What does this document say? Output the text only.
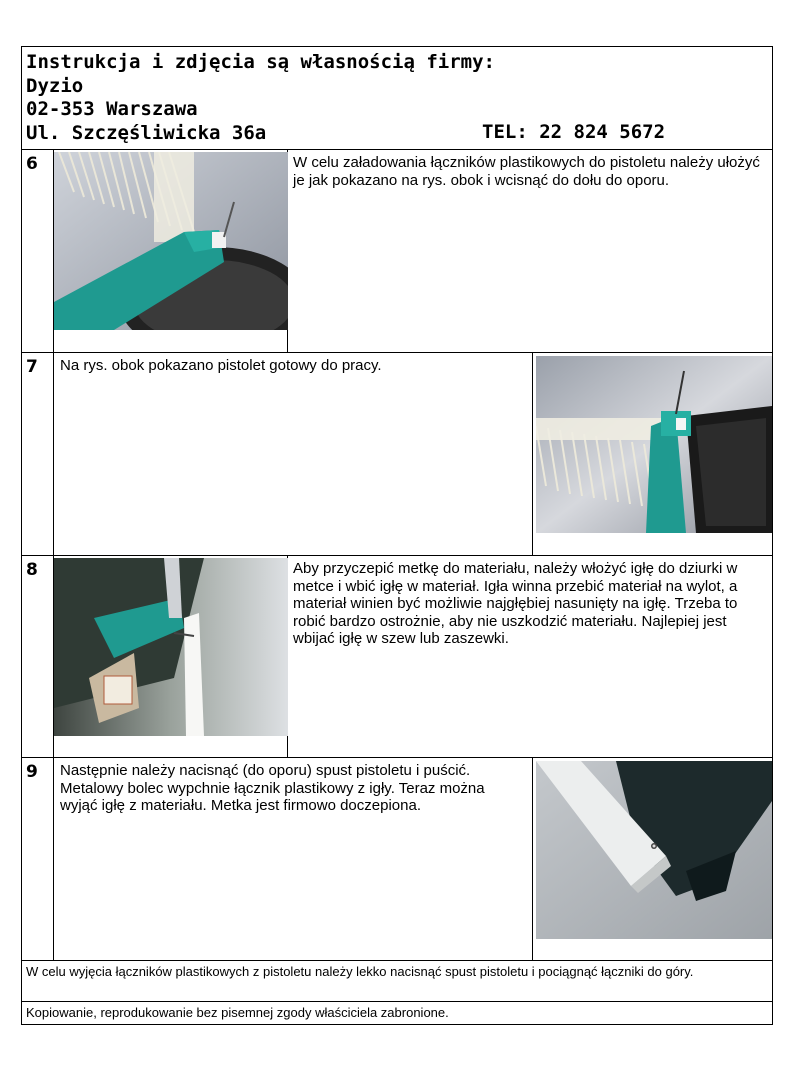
Instrukcja i zdjęcia są własnością firmy:
Dyzio
02-353 Warszawa
Ul. Szczęśliwicka 36a	TEL: 22 824 5672
6	W celu załadowania łączników plastikowych do pistoletu należy ułożyć je jak pokazano na rys. obok i wcisnąć do dołu do oporu.
7	Na rys. obok pokazano pistolet gotowy do pracy.
8	Aby przyczepić metkę do materiału, należy włożyć igłę do dziurki w metce i wbić igłę w materiał. Igła winna przebić materiał na wylot, a materiał winien być możliwie najgłębiej nasunięty na igłę. Trzeba to robić bardzo ostrożnie, aby nie uszkodzić materiału. Najlepiej jest wbijać igłę w szew lub zaszewki.
9	Następnie należy nacisnąć (do oporu) spust pistoletu i puścić. Metalowy bolec wypchnie łącznik plastikowy z igły. Teraz można wyjąć igłę z materiału. Metka jest firmowo doczepiona.
W celu wyjęcia łączników plastikowych z pistoletu należy lekko nacisnąć spust pistoletu i pociągnąć łączniki do góry.
Kopiowanie, reprodukowanie bez pisemnej zgody właściciela zabronione.
